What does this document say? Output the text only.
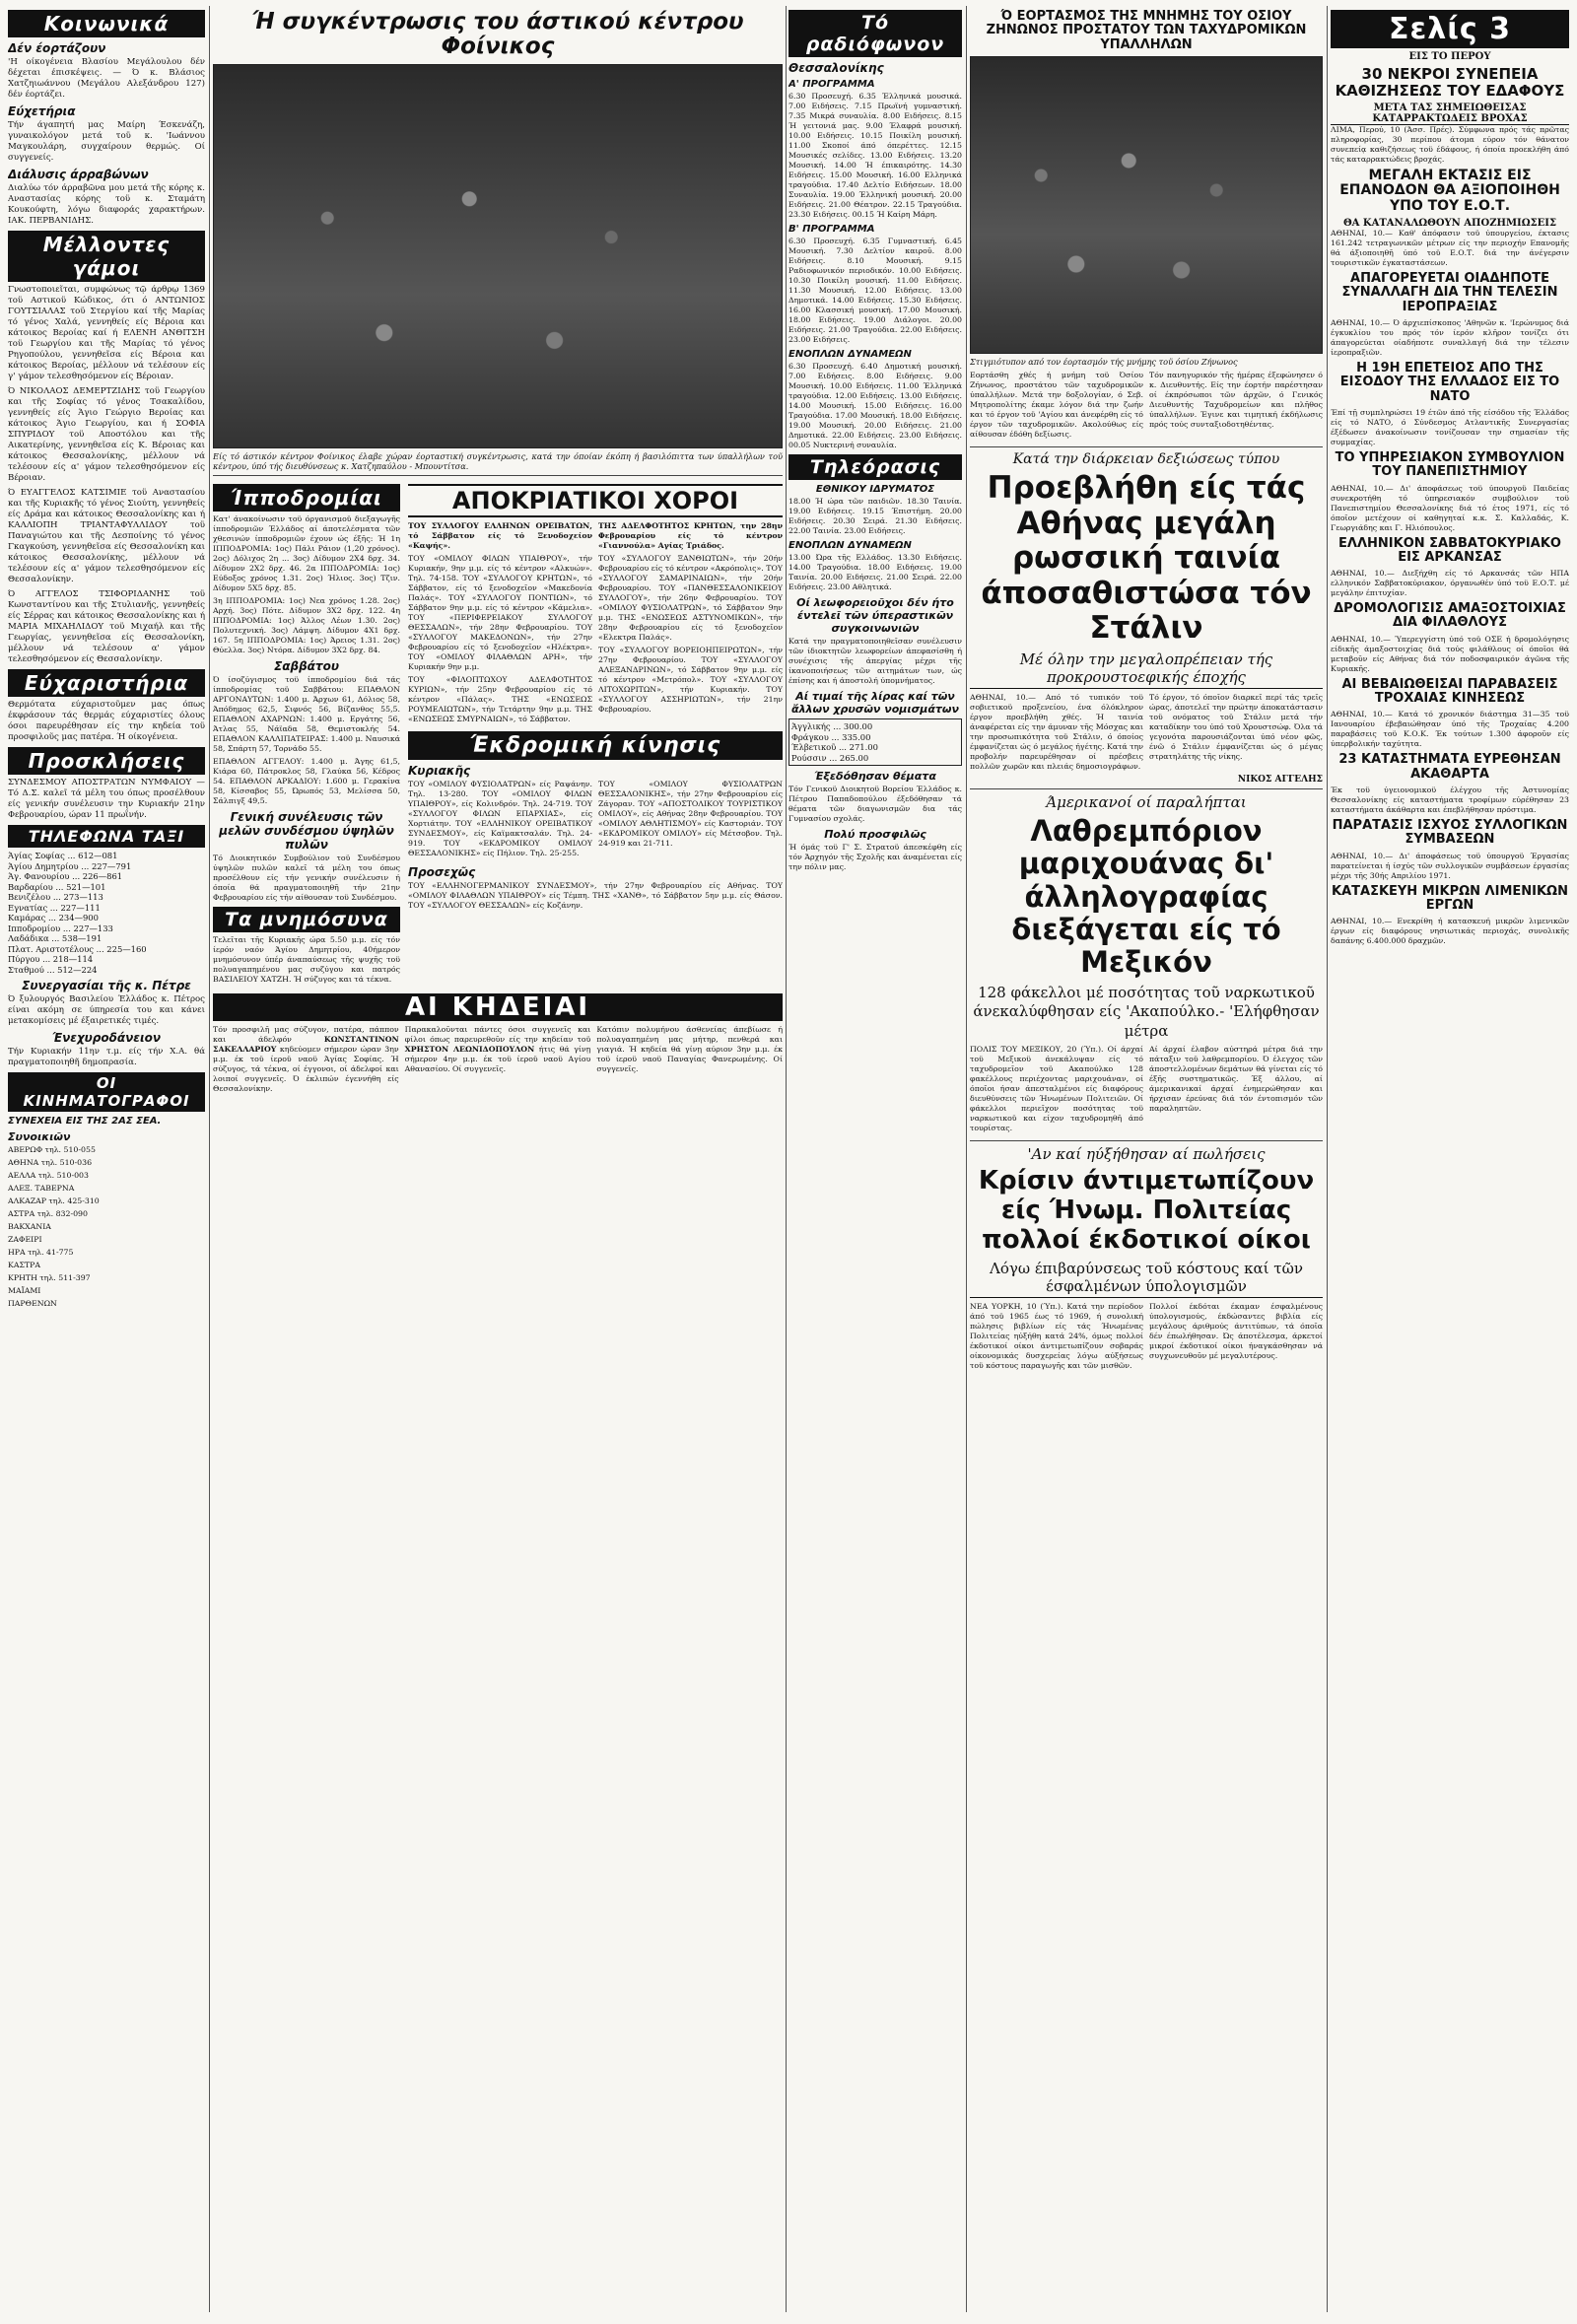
Κοινωνικά
Δέν έορτάζουν

'Η οίκογένεια Βλασίου Μεγάλουλου δέν δέχεται έπισκέψεις. — Ό κ. Βλάσιος Χατζηιωάννου (Μεγάλου Αλεξάνδρου 127) δέν έορτάζει.

Εύχετήρια

Τήν άγαπητή μας Μαίρη Έσκενάζη, γυναικολόγον μετά τοϋ κ. 'Ιωάννου Μαγκουλάρη, συγχαίρουν θερμώς. Οί συγγενείς.

Διάλυσις άρραβώνων

Διαλύω τόν άρραβῶνα μου μετά τῆς κόρης κ. Αναστασίας κόρης τοϋ κ. Σταμάτη Κουκούφτη, λόγω διαφοράς χαρακτήρων. ΙΑΚ. ΠΕΡΒΑΝΙΔΗΣ.

Μέλλοντες γάμοι

Γνωστοποιεῖται, συμφώνως τῷ άρθρῳ 1369 τοϋ Αστικοϋ Κώδικος, ότι ό ΑΝΤΩΝΙΟΣ ΓΟΥΤΣΙΑΛΑΣ τοϋ Στεργίου καί τῆς Μαρίας τό γένος Χαλά, γεννηθείς είς Βέροια και κάτοικος Βεροίας καί ή ΕΛΕΝΗ ΑΝΘΙΤΣΗ τοϋ Γεωργίου και τῆς Μαρίας τό γένος Ρηγοπούλου, γεννηθεῖσα είς Βέροια και κάτοικος Βεροίας, μέλλουν νά τελέσουν είς γ' γάμον τελεσθησόμενον είς Βέροιαν.

Ό ΝΙΚΟΛΑΟΣ ΔΕΜΕΡΤΖΙΔΗΣ τοϋ Γεωργίου και τῆς Σοφίας τό γένος Τσακαλίδου, γεννηθείς είς Άγιο Γεώργιο Βεροίας και κάτοικος Άγιο Γεωργίου, και ή ΣΟΦΙΑ ΣΠΥΡΙΔΟΥ τοϋ Αποστόλου και τῆς Αικατερίνης, γεννηθεῖσα είς Κ. Βέροιας και κάτοικος Θεσσαλονίκης, μέλλουν νά τελέσουν είς α' γάμον τελεσθησόμενον είς Βέροιαν.

Ό ΕΥΑΓΓΕΛΟΣ ΚΑΤΣΙΜΙΕ τοϋ Αναστασίου και τῆς Κυριακῆς τό γένος Σιούτη, γεννηθείς είς Δράμα και κάτοικος Θεσσαλονίκης και ή ΚΑΛΛΙΟΠΗ ΤΡΙΑΝΤΑΦΥΛΛΙΔΟΥ τοϋ Παναγιώτου και τῆς Δεσποίνης τό γένος Γκαγκούση, γεννηθεῖσα είς Θεσσαλονίκη και κάτοικος Θεσσαλονίκης, μέλλουν νά τελέσουν είς α' γάμον τελεσθησόμενον είς Θεσσαλονίκην.

Ό ΑΓΓΕΛΟΣ ΤΣΙΦΟΡΙΔΑΝΗΣ τοϋ Κωνσταντίνου και τῆς Στυλιανῆς, γεννηθείς είς Σέρρας και κάτοικος Θεσσαλονίκης και ή ΜΑΡΙΑ ΜΙΧΑΗΛΙΔΟΥ τοϋ Μιχαήλ και τῆς Γεωργίας, γεννηθεῖσα είς Θεσσαλονίκη, μέλλουν νά τελέσουν α' γάμον τελεσθησόμενον είς Θεσσαλονίκην.

Εύχαριστήρια

Θερμότατα εύχαριστοῦμεν μας όπως έκφράσουν τάς θερμάς εύχαριστίες όλους όσοι παρευρέθησαν είς την κηδεία τοϋ προσφιλοῦς μας πατέρα. Ή οίκογένεια.

Προσκλήσεις

ΣΥΝΔΕΣΜΟΥ ΑΠΟΣΤΡΑΤΩΝ ΝΥΜΦΑΙΟΥ — Τό Δ.Σ. καλεῖ τά μέλη του όπως προσέλθουν είς γενικήν συνέλευσιν την Κυριακήν 21ην Φεβρουαρίου, ώραν 11 πρωΐνήν.

ΤΗΛΕΦΩΝΑ ΤΑΞΙ
Άγίας Σοφίας ... 612—081
Άγίου Δημητρίου ... 227—791
Άγ. Φανουρίου ... 226—861
Βαρδαρίου ... 521—101
Βενιζέλου ... 273—113
Εγνατίας ... 227—111
Καμάρας ... 234—900
Ιπποδρομίου ... 227—133
Λαδάδικα ... 538—191
Πλατ. Αριστοτέλους ... 225—160
Πύργου ... 218—114
Σταθμού ... 512—224
Συνεργασίαι τῆς κ. Πέτρε

Ό ξυλουργός Βασιλείου Έλλάδος κ. Πέτρος είναι ακόμη σε ύπηρεσία του και κάνει μετακομίσεις μέ έξαιρετικές τιμές.

Ένεχυροδάνειον

Τήν Κυριακήν 11ην τ.μ. είς τήν Χ.Α. θά πραγματοποιηθῆ δημοπρασία.

ΟΙ ΚΙΝΗΜΑΤΟΓΡΑΦΟΙ
ΣΥΝΕΧΕΙΑ ΕΙΣ ΤΗΣ 2ΑΣ ΣΕΑ.
Συνοικιῶν
ΑΒΕΡΩΦ τηλ. 510-055
ΑΘΗΝΑ τηλ. 510-036
ΑΕΛΛΑ τηλ. 510-003
ΑΛΕΞ. ΤΑΒΕΡΝΑ
ΑΛΚΑΖΑΡ τηλ. 425-310
ΑΣΤΡΑ τηλ. 832-090
ΒΑΚΧΑΝΙΑ
ΖΑΦΕΙΡΙ
ΗΡΑ τηλ. 41-775
ΚΑΣΤΡΑ
ΚΡΗΤΗ τηλ. 511-397
ΜΑΪΑΜΙ
ΠΑΡΘΕΝΩΝ
Ή συγκέντρωσις του άστικού κέντρου Φοίνικος

Είς τό άστικόν κέντρον Φοίνικος έλαβε χώραν έορταστική συγκέντρωσις, κατά την όποίαν έκόπη ή βασιλόπιττα των ύπαλλήλων τοῦ κέντρου, ύπό τής διευθύνσεως κ. Χατζηπαύλου - Μπουντίτσα.

Ίπποδρομίαι

Κατ' άνακοίνωσιν τοϋ όργανισμοϋ διεξαγωγῆς ίπποδρομιῶν Έλλάδος αί άποτελέσματα τῶν χθεσινών ίπποδρομιῶν έχουν ώς έξῆς: Ή 1η ΙΠΠΟΔΡΟΜΙΑ: 1ος) Πάλι Ράιον (1,20 χρόνος). 2ος) Δόλιχος 2η ... 3ος) Δίδυμον 2Χ4 δρχ. 34. Δίδυμον 2Χ2 δρχ. 46. 2α ΙΠΠΟΔΡΟΜΙΑ: 1ος) Εύδοξος χρόνος 1.31. 2ος) Ήλιος. 3ος) Τζιν. Δίδυμον 5Χ5 δρχ. 85.

3η ΙΠΠΟΔΡΟΜΙΑ: 1ος) Νεα χρόνος 1.28. 2ος) Αρχή. 3ος) Πότε. Δίδυμον 3Χ2 δρχ. 122. 4η ΙΠΠΟΔΡΟΜΙΑ: 1ος) Άλλος Λέων 1.30. 2ος) Πολυτεχνική. 3ος) Λάμψη. Δίδυμον 4Χ1 δρχ. 167. 5η ΙΠΠΟΔΡΟΜΙΑ: 1ος) Άρειος 1.31. 2ος) Θύελλα. 3ος) Ντόρα. Δίδυμον 3Χ2 δρχ. 84.

Σαββάτου

Ό ίσοζύγισμος τοϋ ίπποδρομίου διά τάς ίπποδρομίας τοϋ Σαββάτου: ΕΠΑΘΛΟΝ ΑΡΓΟΝΑΥΤΩΝ: 1.400 μ. Άρχων 61, Δόλιος 58, Άπόδημος 62,5, Σιφνός 56, Βίζανθος 55,5. ΕΠΑΘΛΟΝ ΑΧΑΡΝΩΝ: 1.400 μ. Εργάτης 56, Άτλας 55, Νάϊαδα 58, Θεμιστοκλής 54. ΕΠΑΘΛΟΝ ΚΑΛΛΙΠΑΤΕΙΡΑΣ: 1.400 μ. Ναυσικά 58, Σπάρτη 57, Τορνάδο 55.

ΕΠΑΘΛΟΝ ΑΓΓΕΛΟΥ: 1.400 μ. Άγης 61,5, Κιάρα 60, Πάτροκλος 58, Γλαύκα 56, Κέδρος 54. ΕΠΑΘΛΟΝ ΑΡΚΑΔΙΟΥ: 1.600 μ. Γερακίνα 58, Κίσσαβος 55, Ώρωπός 53, Μελίσσα 50, Σάλπιγξ 49,5.

Γενική συνέλευσις τῶν μελῶν συνδέσμου ύψηλῶν πυλῶν

Τό Διοικητικόν Συμβούλιον τοϋ Συνδέσμου ύψηλῶν πυλῶν καλεῖ τά μέλη του όπως προσέλθουν είς τήν γενικήν συνέλευσιν ή όποία θά πραγματοποιηθῆ τήν 21ην Φεβρουαρίου είς τήν αίθουσαν τοϋ Συνδέσμου.

Τα μνημόσυνα

Τελεῖται τῆς Κυριακῆς ώρα 5.50 μ.μ. είς τόν ίερόν ναόν Άγίου Δημητρίου, 40ήμερον μνημόσυνον ύπέρ άναπαύσεως τῆς ψυχῆς τοϋ πολυαγαπημένου μας συζύγου και πατρός ΒΑΣΙΛΕΙΟΥ ΧΑΤΖΗ. Ή σύζυγος και τά τέκνα.

ΑΠΟΚΡΙΑΤΙΚΟΙ ΧΟΡΟΙ

ΤΟΥ ΣΥΛΛΟΓΟΥ ΕΛΛΗΝΩΝ ΟΡΕΙΒΑΤΩΝ, τό Σάββατον είς τό Ξενοδοχείον «Καψής».

ΤΟΥ «ΟΜΙΛΟΥ ΦΙΛΩΝ ΥΠΑΙΘΡΟΥ», τήν Κυριακήν, 9ην μ.μ. είς τό κέντρον «Αλκυών». Τηλ. 74-158. ΤΟΥ «ΣΥΛΛΟΓΟΥ ΚΡΗΤΩΝ», τό Σάββατον, είς τό ξενοδοχεῖον «Μακεδονία Παλάς». ΤΟΥ «ΣΥΛΛΟΓΟΥ ΠΟΝΤΙΩΝ», τό Σάββατον 9ην μ.μ. είς τό κέντρον «Κάμελια». ΤΟΥ «ΠΕΡΙΦΕΡΕΙΑΚΟΥ ΣΥΛΛΟΓΟΥ ΘΕΣΣΑΛΩΝ», τήν 28ην Φεβρουαρίου. ΤΟΥ «ΣΥΛΛΟΓΟΥ ΜΑΚΕΔΟΝΩΝ», τήν 27ην Φεβρουαρίου είς τό ξενοδοχεῖον «Ηλέκτρα». ΤΟΥ «ΟΜΙΛΟΥ ΦΙΛΑΘΛΩΝ ΑΡΗ», τήν Κυριακήν 9ην μ.μ.

ΤΟΥ «ΦΙΛΟΠΤΩΧΟΥ ΑΔΕΛΦΟΤΗΤΟΣ ΚΥΡΙΩΝ», τήν 25ην Φεβρουαρίου είς τό κέντρον «Πάλας». ΤΗΣ «ΕΝΩΣΕΩΣ ΡΟΥΜΕΛΙΩΤΩΝ», τήν Τετάρτην 9ην μ.μ. ΤΗΣ «ΕΝΩΣΕΩΣ ΣΜΥΡΝΑΙΩΝ», τό Σάββατον.

ΤΗΣ ΑΔΕΛΦΟΤΗΤΟΣ ΚΡΗΤΩΝ, την 28ην Φεβρουαρίου είς τό κέντρον «Γιαννούλα» Αγίας Τριάδος.

ΤΟΥ «ΣΥΛΛΟΓΟΥ ΞΑΝΘΙΩΤΩΝ», τήν 20ήν Φεβρουαρίου είς τό κέντρον «Ακρόπολις». ΤΟΥ «ΣΥΛΛΟΓΟΥ ΣΑΜΑΡΙΝΑΙΩΝ», τήν 20ήν Φεβρουαρίου. ΤΟΥ «ΠΑΝΘΕΣΣΑΛΟΝΙΚΕΙΟΥ ΣΥΛΛΟΓΟΥ», τήν 26ην Φεβρουαρίου. ΤΟΥ «ΟΜΙΛΟΥ ΦΥΣΙΟΛΑΤΡΩΝ», τό Σάββατον 9ην μ.μ. ΤΗΣ «ΕΝΩΣΕΩΣ ΑΣΤΥΝΟΜΙΚΩΝ», τήν 28ην Φεβρουαρίου είς τό ξενοδοχεῖον «Ελεκτρα Παλάς».

ΤΟΥ «ΣΥΛΛΟΓΟΥ ΒΟΡΕΙΟΗΠΕΙΡΩΤΩΝ», τήν 27ην Φεβρουαρίου. ΤΟΥ «ΣΥΛΛΟΓΟΥ ΑΛΕΞΑΝΔΡΙΝΩΝ», τό Σάββατον 9ην μ.μ. είς τό κέντρον «Μετρόπολ». ΤΟΥ «ΣΥΛΛΟΓΟΥ ΛΙΤΟΧΩΡΙΤΩΝ», τήν Κυριακήν. ΤΟΥ «ΣΥΛΛΟΓΟΥ ΑΣΣΗΡΙΩΤΩΝ», τήν 21ην Φεβρουαρίου.

Έκδρομική κίνησις
Κυριακῆς

ΤΟΥ «ΟΜΙΛΟΥ ΦΥΣΙΟΛΑΤΡΩΝ» είς Ραψάνην. Τηλ. 13-280. ΤΟΥ «ΟΜΙΛΟΥ ΦΙΛΩΝ ΥΠΑΙΘΡΟΥ», είς Κολινδρόν. Τηλ. 24-719. ΤΟΥ «ΣΥΛΛΟΓΟΥ ΦΙΛΩΝ ΕΠΑΡΧΙΑΣ», είς Χορτιάτην. ΤΟΥ «ΕΛΛΗΝΙΚΟΥ ΟΡΕΙΒΑΤΙΚΟΥ ΣΥΝΔΕΣΜΟΥ», είς Καϊμακτσαλάν. Τηλ. 24-919. ΤΟΥ «ΕΚΔΡΟΜΙΚΟΥ ΟΜΙΛΟΥ ΘΕΣΣΑΛΟΝΙΚΗΣ» είς Πήλιον. Τηλ. 25-255.

ΤΟΥ «ΟΜΙΛΟΥ ΦΥΣΙΟΛΑΤΡΩΝ ΘΕΣΣΑΛΟΝΙΚΗΣ», τήν 27ην Φεβρουαρίου είς Ζάγοραν. ΤΟΥ «ΑΠΟΣΤΟΛΙΚΟΥ ΤΟΥΡΙΣΤΙΚΟΥ ΟΜΙΛΟΥ», είς Αθήνας 28ην Φεβρουαρίου. ΤΟΥ «ΟΜΙΛΟΥ ΑΘΛΗΤΙΣΜΟΥ» είς Καστοριάν. ΤΟΥ «ΕΚΔΡΟΜΙΚΟΥ ΟΜΙΛΟΥ» είς Μέτσοβον. Τηλ. 24-919 και 21-711.

Προσεχῶς

ΤΟΥ «ΕΛΛΗΝΟΓΕΡΜΑΝΙΚΟΥ ΣΥΝΔΕΣΜΟΥ», τήν 27ην Φεβρουαρίου είς Αθήνας. ΤΟΥ «ΟΜΙΛΟΥ ΦΙΛΑΘΛΩΝ ΥΠΑΙΘΡΟΥ» είς Τέμπη. ΤΗΣ «ΧΑΝΘ», τό Σάββατον 5ην μ.μ. είς Θάσον. ΤΟΥ «ΣΥΛΛΟΓΟΥ ΘΕΣΣΑΛΩΝ» είς Κοζάνην.

ΑΙ ΚΗΔΕΙΑΙ

Τόν προσφιλῆ μας σύζυγον, πατέρα, πάππον και άδελφόν ΚΩΝΣΤΑΝΤΙΝΟΝ ΣΑΚΕΛΛΑΡΙΟΥ κηδεύομεν σήμερον ώραν 3ην μ.μ. έκ τοϋ ίεροϋ ναοϋ Άγίας Σοφίας. Ή σύζυγος, τά τέκνα, οί έγγονοι, οί άδελφοί και λοιποί συγγενεῖς. Ό έκλιπών έγεννήθη είς Θεσσαλονίκην.

Παρακαλοῦνται πάντες όσοι συγγενεῖς και φίλοι όπως παρευρεθοῦν είς την κηδείαν τοϋ ΧΡΗΣΤΟΝ ΛΕΩΝΙΔΟΠΟΥΛΟΝ ήτις θά γίνῃ σήμερον 4ην μ.μ. έκ τοϋ ίεροϋ ναοϋ Αγίου Αθανασίου. Οί συγγενεῖς.

Κατόπιν πολυμήνου άσθενείας άπεβίωσε ή πολυαγαπημένη μας μήτηρ, πενθερά και γιαγιά. Ή κηδεία θά γίνῃ αύριον 3ην μ.μ. έκ τοϋ ίεροϋ ναοϋ Παναγίας Φανερωμένης. Οί συγγενεῖς.

Τό ραδιόφωνον
Θεσσαλονίκης
Α' ΠΡΟΓΡΑΜΜΑ

6.30 Προσευχή. 6.35 Έλληνικά μουσικά. 7.00 Ειδήσεις. 7.15 Πρωϊνή γυμναστική. 7.35 Μικρά συναυλία. 8.00 Ειδήσεις. 8.15 Ή γειτονιά μας. 9.00 Έλαφρά μουσική. 10.00 Ειδήσεις. 10.15 Ποικίλη μουσική. 11.00 Σκοποί άπό όπερέττες. 12.15 Μουσικές σελίδες. 13.00 Ειδήσεις. 13.20 Μουσική. 14.00 Ή έπικαιρότης. 14.30 Ειδήσεις. 15.00 Μουσική. 16.00 Ελληνικά τραγούδια. 17.40 Δελτίο Ειδήσεων. 18.00 Συναυλία. 19.00 Έλληνική μουσική. 20.00 Ειδήσεις. 21.00 Θέατρον. 22.15 Τραγούδια. 23.30 Ειδήσεις. 00.15 Ή Καίρη Μάρη.

Β' ΠΡΟΓΡΑΜΜΑ

6.30 Προσευχή. 6.35 Γυμναστική. 6.45 Μουσική. 7.30 Δελτίον καιροῦ. 8.00 Ειδήσεις. 8.10 Μουσική. 9.15 Ραδιοφωνικόν περιοδικόν. 10.00 Ειδήσεις. 10.30 Ποικίλη μουσική. 11.00 Ειδήσεις. 11.30 Μουσική. 12.00 Ειδήσεις. 13.00 Δημοτικά. 14.00 Ειδήσεις. 15.30 Ειδήσεις. 16.00 Κλασσική μουσική. 17.00 Μουσική. 18.00 Ειδήσεις. 19.00 Διάλογοι. 20.00 Ειδήσεις. 21.00 Τραγούδια. 22.00 Ειδήσεις. 23.00 Ειδήσεις.

ΕΝΟΠΛΩΝ ΔΥΝΑΜΕΩΝ

6.30 Προσευχή. 6.40 Δημοτική μουσική. 7.00 Ειδήσεις. 8.00 Ειδήσεις. 9.00 Μουσική. 10.00 Ειδήσεις. 11.00 Έλληνικά τραγούδια. 12.00 Ειδήσεις. 13.00 Ειδήσεις. 14.00 Μουσική. 15.00 Ειδήσεις. 16.00 Τραγούδια. 17.00 Μουσική. 18.00 Ειδήσεις. 19.00 Μουσική. 20.00 Ειδήσεις. 21.00 Δημοτικά. 22.00 Ειδήσεις. 23.00 Ειδήσεις. 00.05 Νυκτερινή συναυλία.

Τηλεόρασις
ΕΘΝΙΚΟΥ ΙΔΡΥΜΑΤΟΣ

18.00 Ή ώρα τῶν παιδιῶν. 18.30 Ταινία. 19.00 Ειδήσεις. 19.15 Έπιστήμη. 20.00 Ειδήσεις. 20.30 Σειρά. 21.30 Ειδήσεις. 22.00 Ταινία. 23.00 Ειδήσεις.

ΕΝΟΠΛΩΝ ΔΥΝΑΜΕΩΝ

13.00 Ώρα τῆς Ελλάδος. 13.30 Ειδήσεις. 14.00 Τραγούδια. 18.00 Ειδήσεις. 19.00 Ταινία. 20.00 Ειδήσεις. 21.00 Σειρά. 22.00 Ειδήσεις. 23.00 Αθλητικά.

Οί λεωφορειοῦχοι δέν ήτο έντελεῖ τῶν ύπεραστικῶν συγκοινωνιῶν

Κατά την πραγματοποιηθεῖσαν συνέλευσιν τῶν ίδιοκτητῶν λεωφορείων άπεφασίσθη ή συνέχισις τῆς άπεργίας μέχρι τῆς ίκανοποιήσεως τῶν αιτημάτων των, ώς έπίσης και ή άποστολή ύπομνήματος.

Αί τιμαί τῆς λίρας καί τῶν ἄλλων χρυσῶν νομισμάτων
Άγγλικής ... 300.00
Φράγκου ... 335.00
Έλβετικοῦ ... 271.00
Ρούσσιν ... 265.00
Έξεδόθησαν θέματα

Τόν Γενικοϋ Διοικητοϋ Βορείου Έλλάδος κ. Πέτρου Παπαδοπούλου έξεδόθησαν τά θέματα τῶν διαγωνισμῶν δια τάς Γυμνασίου σχολάς.

Πολύ προσφιλῶς

Ή όμάς τοϋ Γ' Σ. Στρατοϋ άπεσκέφθη είς τόν Άρχηγόν τῆς Σχολῆς και άναμένεται είς την πόλιν μας.

Ό ΕΟΡΤΑΣΜΟΣ ΤΗΣ ΜΝΗΜΗΣ ΤΟΥ ΟΣΙΟΥ ΖΗΝΩΝΟΣ ΠΡΟΣΤΑΤΟΥ ΤΩΝ ΤΑΧΥΔΡΟΜΙΚΩΝ ΥΠΑΛΛΗΛΩΝ

Στιγμιότυπον από τον έορτασμόν τής μνήμης τοϋ όσίου Ζήνωνος

Εορτάσθη χθές ή μνήμη τοϋ Όσίου Ζήνωνος, προστάτου τῶν ταχυδρομικῶν ύπαλλήλων. Μετά την δοξολογίαν, ό Σεβ. Μητροπολίτης έκαμε λόγον διά την ζωήν και τό έργον τοϋ 'Αγίου και άνεφέρθη είς τό έργον τῶν ταχυδρομικῶν. Ακολούθως είς αίθουσαν έδόθη δεξίωσις.

Τόν πανηγυρικόν τῆς ήμέρας έξεφώνησεν ό κ. Διευθυντής. Είς την έορτήν παρέστησαν οί έκπρόσωποι τῶν άρχῶν, ό Γενικός Διευθυντής Ταχυδρομείων και πλῆθος ύπαλλήλων. Έγινε και τιμητική έκδήλωσις πρός τούς συνταξιοδοτηθέντας.

Κατά την διάρκειαν δεξιώσεως τύπου
Προεβλήθη είς τάς Αθήνας μεγάλη ρωσσική ταινία άποσαθιστώσα τόν Στάλιν
Μέ όλην την μεγαλοπρέπειαν τής προκρουστοεφικής έποχής

ΑΘΗΝΑΙ, 10.— Από τό τυπικόν τοϋ σοβιετικοϋ προξενείου, ένα όλόκληρον έργον προεβλήθη χθές. Ή ταινία άναφέρεται είς την άμυναν τῆς Μόσχας και την προσωπικότητα τοϋ Στάλιν, ό όποίος έμφανίζεται ώς ό μεγάλος ήγέτης. Κατά την προβολήν παρευρέθησαν οί πρέσβεις πολλῶν χωρῶν και πλειάς δημοσιογράφων.

Τό έργον, τό όποῖον διαρκεῖ περί τάς τρεῖς ώρας, άποτελεῖ την πρώτην άποκατάστασιν τοϋ ονόματος τοϋ Στάλιν μετά τήν καταδίκην του ύπό τοϋ Χρουστσώφ. Όλα τά γεγονότα παρουσιάζονται ύπό νέον φῶς, ένῶ ό Στάλιν έμφανίζεται ώς ό μέγας στρατηλάτης τῆς νίκης.

ΝΙΚΟΣ ΑΓΓΕΛΗΣ
Άμερικανοί οί παραλήπται
Λαθρεμπόριον μαριχουάνας δι' άλληλογραφίας διεξάγεται είς τό Μεξικόν
128 φάκελλοι μέ ποσότητας τοῦ ναρκωτικοῦ άνεκαλύφθησαν είς 'Ακαπούλκο.- 'Ελήφθησαν μέτρα

ΠΟΛΙΣ ΤΟΥ ΜΕΞΙΚΟΥ, 20 (Ύπ.). Οί άρχαί τοϋ Μεξικοϋ άνεκάλυψαν είς τό ταχυδρομεῖον τοϋ Ακαπούλκο 128 φακέλλους περιέχοντας μαριχουάναν, οί όποῖοι ήσαν άπεσταλμένοι είς διαφόρους διευθύνσεις τῶν Ήνωμένων Πολιτειῶν. Οί φάκελλοι περιεῖχον ποσότητας τοϋ ναρκωτικοϋ και είχον ταχυδρομηθῆ άπό τουρίστας.

Αί άρχαί έλαβον αύστηρά μέτρα διά την πάταξιν τοϋ λαθρεμπορίου. Ό έλεγχος τῶν άποστελλομένων δεμάτων θά γίνεται είς τό έξῆς συστηματικῶς. Έξ άλλου, αί άμερικανικαί άρχαί ένημερώθησαν και ήρχισαν έρεύνας διά τόν έντοπισμόν τῶν παραληπτῶν.

'Αν καί ηύξήθησαν αί πωλήσεις
Κρίσιν άντιμετωπίζουν είς Ήνωμ. Πολιτείας πολλοί έκδοτικοί οίκοι
Λόγω έπιβαρύνσεως τοῦ κόστους καί τῶν έσφαλμένων ύπολογισμῶν

ΝΕΑ ΥΟΡΚΗ, 10 (Ύπ.). Κατά την περίοδον άπό τοϋ 1965 έως τό 1969, ή συνολική πώλησις βιβλίων είς τάς Ήνωμένας Πολιτείας ηύξήθη κατά 24%, όμως πολλοί έκδοτικοί οίκοι άντιμετωπίζουν σοβαράς οίκονομικάς δυσχερείας λόγω αύξήσεως τοϋ κόστους παραγωγῆς και τῶν μισθῶν.

Πολλοί έκδόται έκαμαν έσφαλμένους ύπολογισμούς, έκδώσαντες βιβλία είς μεγάλους άριθμούς άντιτύπων, τά όποῖα δέν έπωλήθησαν. Ώς άποτέλεσμα, άρκετοί μικροί έκδοτικοί οίκοι ήναγκάσθησαν νά συγχωνευθοῦν μέ μεγαλυτέρους.

Σελίς 3
ΕΙΣ ΤΟ ΠΕΡΟΥ
30 ΝΕΚΡΟΙ ΣΥΝΕΠΕΙΑ ΚΑΘΙΖΗΣΕΩΣ ΤΟΥ ΕΔΑΦΟΥΣ
ΜΕΤΑ ΤΑΣ ΣΗΜΕΙΩΘΕΙΣΑΣ
ΚΑΤΑΡΡΑΚΤΩΔΕΙΣ ΒΡΟΧΑΣ

ΛΙΜΑ, Περού, 10 (Άσσ. Πρές). Σύμφωνα πρός τάς πρῶτας πληροφορίας, 30 περίπου άτομα εύρον τόν θάνατον συνεπείᾳ καθιζήσεως τοϋ έδάφους, ή όποία προεκλήθη άπό τάς καταρρακτώδεις βροχάς.

ΜΕΓΑΛΗ ΕΚΤΑΣΙΣ ΕΙΣ ΕΠΑΝΟΔΟΝ ΘΑ ΑΞΙΟΠΟΙΗΘΗ ΥΠΟ ΤΟΥ Ε.Ο.Τ.
ΘΑ ΚΑΤΑΝΑΛΩΘΟΥΝ ΑΠΟΖΗΜΙΩΣΕΙΣ

ΑΘΗΝΑΙ, 10.— Καθ' άπόφασιν τοϋ ύπουργείου, έκτασις 161.242 τετραγωνικῶν μέτρων είς την περιοχήν Επανομῆς θά άξιοποιηθῆ ύπό τοϋ Ε.Ο.Τ. διά την άνέγερσιν τουριστικῶν έγκαταστάσεων.

ΑΠΑΓΟΡΕΥΕΤΑΙ ΟΙΑΔΗΠΟΤΕ ΣΥΝΑΛΛΑΓΗ ΔΙΑ ΤΗΝ ΤΕΛΕΣΙΝ ΙΕΡΟΠΡΑΞΙΑΣ

ΑΘΗΝΑΙ, 10.— Ό άρχιεπίσκοπος 'Αθηνῶν κ. 'Ιερώνυμος διά έγκυκλίου του πρός τόν ίερόν κλῆρον τονίζει ότι άπαγορεύεται οίαδήποτε συναλλαγή διά την τέλεσιν ίεροπραξιῶν.

Η 19Η ΕΠΕΤΕΙΟΣ ΑΠΟ ΤΗΣ ΕΙΣΟΔΟΥ ΤΗΣ ΕΛΛΑΔΟΣ ΕΙΣ ΤΟ ΝΑΤΟ

Έπί τῇ συμπληρώσει 19 έτῶν άπό τῆς είσόδου τῆς Έλλάδος είς τό ΝΑΤΟ, ό Σύνδεσμος Ατλαντικῆς Συνεργασίας έξέδωσεν άνακοίνωσιν τονίζουσαν την σημασίαν τῆς συμμαχίας.

ΤΟ ΥΠΗΡΕΣΙΑΚΟΝ ΣΥΜΒΟΥΛΙΟΝ ΤΟΥ ΠΑΝΕΠΙΣΤΗΜΙΟΥ

ΑΘΗΝΑΙ, 10.— Δι' άποφάσεως τοϋ ύπουργοϋ Παιδείας συνεκροτήθη τό ύπηρεσιακόν συμβούλιον τοϋ Πανεπιστημίου Θεσσαλονίκης διά τό έτος 1971, είς τό όποῖον μετέχουν οί καθηγηταί κ.κ. Σ. Καλλαδάς, Κ. Γεωργιάδης και Γ. Ηλιόπουλος.

ΕΛΛΗΝΙΚΟΝ ΣΑΒΒΑΤΟΚΥΡΙΑΚΟ ΕΙΣ ΑΡΚΑΝΣΑΣ

ΑΘΗΝΑΙ, 10.— Διεξήχθη είς τό Αρκανσάς τῶν ΗΠΑ ελληνικόν Σαββατοκύριακον, όργανωθέν ύπό τοϋ Ε.Ο.Τ. μέ μεγάλην έπιτυχίαν.

ΔΡΟΜΟΛΟΓΙΣΙΣ ΑΜΑΞΟΣΤΟΙΧΙΑΣ ΔΙΑ ΦΙΛΑΘΛΟΥΣ

ΑΘΗΝΑΙ, 10.— Ύπερεγγίστη ύπό τοϋ ΟΣΕ ή δρομολόγησις είδικῆς άμαξοστοιχίας διά τούς φιλάθλους οί όποῖοι θά μεταβοῦν είς Αθήνας διά τόν ποδοσφαιρικόν άγῶνα τῆς Κυριακῆς.

ΑΙ ΒΕΒΑΙΩΘΕΙΣΑΙ ΠΑΡΑΒΑΣΕΙΣ ΤΡΟΧΑΙΑΣ ΚΙΝΗΣΕΩΣ

ΑΘΗΝΑΙ, 10.— Κατά τό χρονικόν διάστημα 31—35 τοϋ Ιανουαρίου έβεβαιώθησαν ύπό τῆς Τροχαίας 4.200 παραβάσεις τοϋ Κ.Ο.Κ. Έκ τούτων 1.300 άφοροῦν είς ύπερβολικήν ταχύτητα.

23 ΚΑΤΑΣΤΗΜΑΤΑ ΕΥΡΕΘΗΣΑΝ ΑΚΑΘΑΡΤΑ

Έκ τοϋ ύγειονομικοϋ έλέγχου τῆς Άστυνομίας Θεσσαλονίκης είς καταστήματα τροφίμων εύρέθησαν 23 καταστήματα άκάθαρτα και έπεβλήθησαν πρόστιμα.

ΠΑΡΑΤΑΣΙΣ ΙΣΧΥΟΣ ΣΥΛΛΟΓΙΚΩΝ ΣΥΜΒΑΣΕΩΝ

ΑΘΗΝΑΙ, 10.— Δι' άποφάσεως τοϋ ύπουργοϋ Έργασίας παρατείνεται ή ίσχύς τῶν συλλογικῶν συμβάσεων έργασίας μέχρι τῆς 30ής Απριλίου 1971.

ΚΑΤΑΣΚΕΥΗ ΜΙΚΡΩΝ ΛΙΜΕΝΙΚΩΝ ΕΡΓΩΝ

ΑΘΗΝΑΙ, 10.— Ενεκρίθη ή κατασκευή μικρῶν λιμενικῶν έργων είς διαφόρους νησιωτικάς περιοχάς, συνολικῆς δαπάνης 6.400.000 δραχμῶν.
